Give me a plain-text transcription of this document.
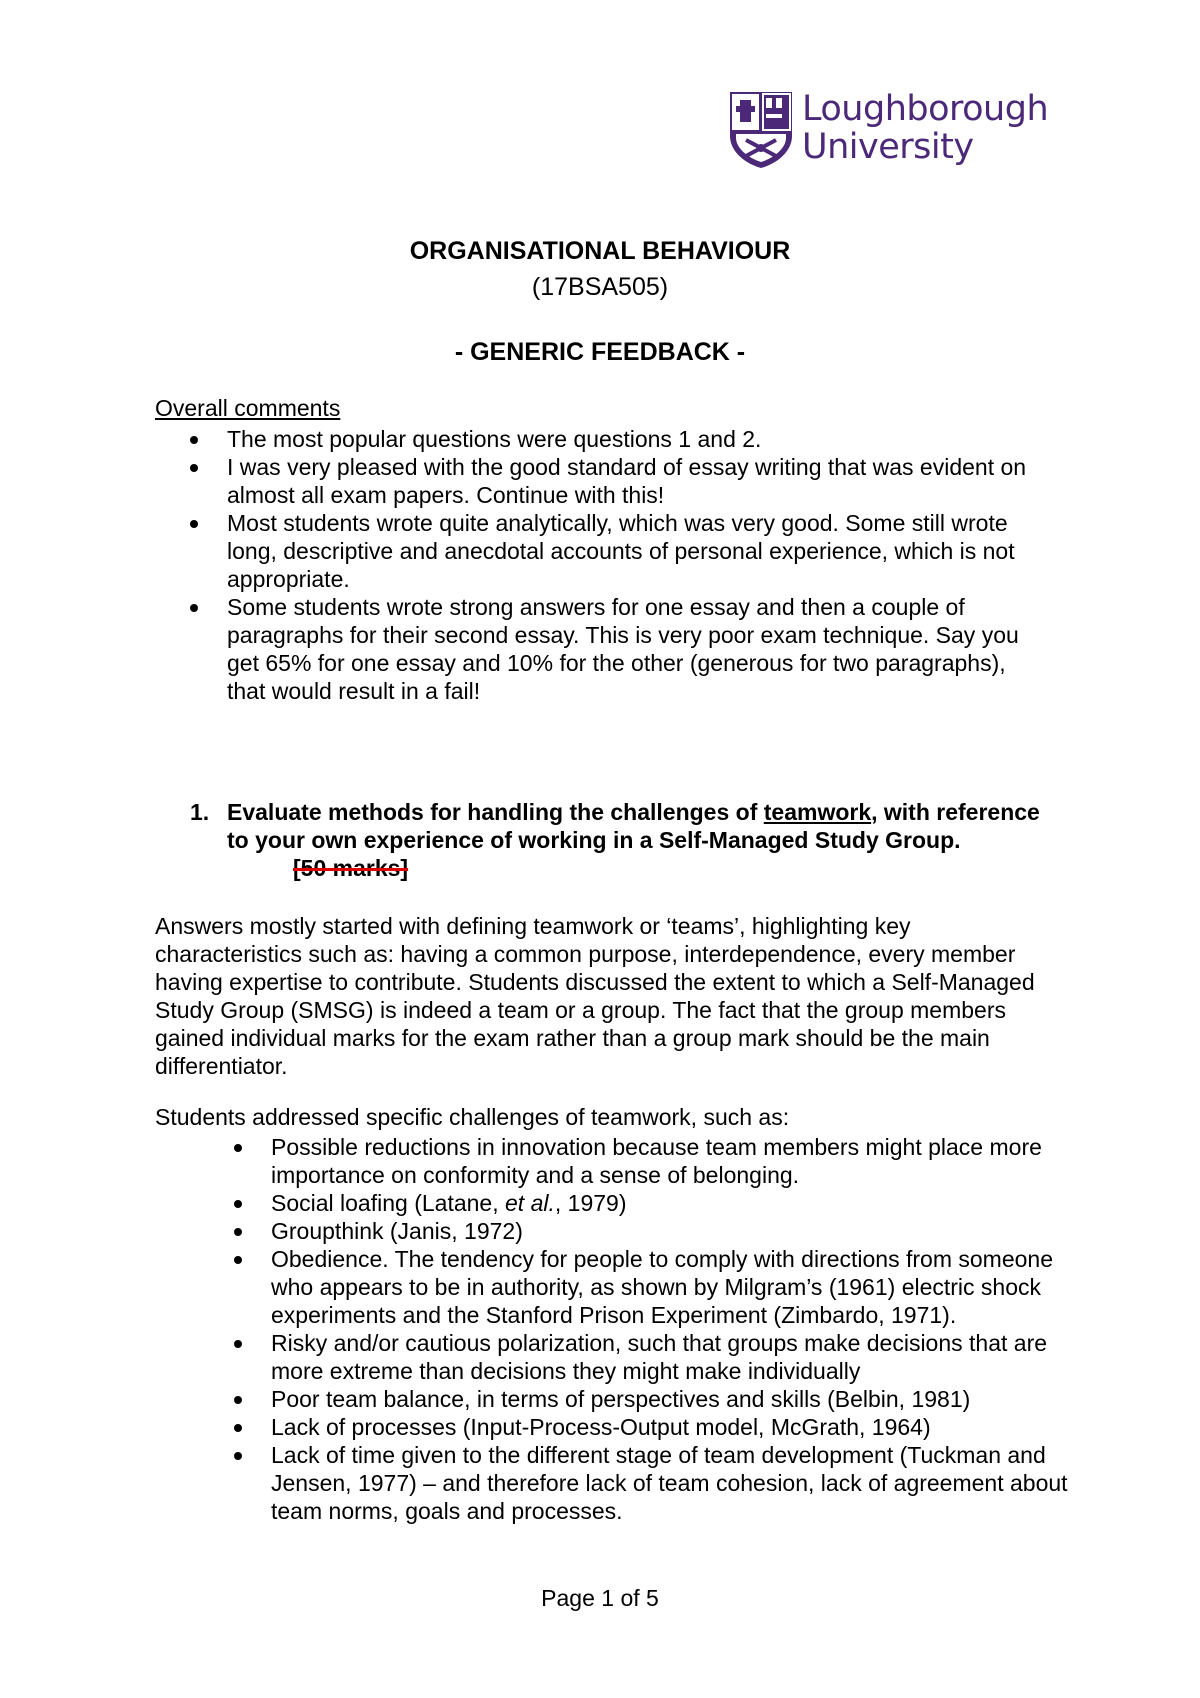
Loughborough
University
ORGANISATIONAL BEHAVIOUR
(17BSA505)
- GENERIC FEEDBACK -
Overall comments
The most popular questions were questions 1 and 2.
I was very pleased with the good standard of essay writing that was evident on almost all exam papers. Continue with this!
Most students wrote quite analytically, which was very good. Some still wrote long, descriptive and anecdotal accounts of personal experience, which is not appropriate.
Some students wrote strong answers for one essay and then a couple of paragraphs for their second essay. This is very poor exam technique. Say you get 65% for one essay and 10% for the other (generous for two paragraphs), that would result in a fail!
1. Evaluate methods for handling the challenges of teamwork, with reference to your own experience of working in a Self-Managed Study Group.[50 marks]
Answers mostly started with defining teamwork or ‘teams’, highlighting key characteristics such as: having a common purpose, interdependence, every member having expertise to contribute. Students discussed the extent to which a Self-Managed Study Group (SMSG) is indeed a team or a group. The fact that the group members gained individual marks for the exam rather than a group mark should be the main differentiator.
Students addressed specific challenges of teamwork, such as:
Possible reductions in innovation because team members might place more importance on conformity and a sense of belonging.
Social loafing (Latane, et al., 1979)
Groupthink (Janis, 1972)
Obedience. The tendency for people to comply with directions from someone who appears to be in authority, as shown by Milgram’s (1961) electric shock experiments and the Stanford Prison Experiment (Zimbardo, 1971).
Risky and/or cautious polarization, such that groups make decisions that are more extreme than decisions they might make individually
Poor team balance, in terms of perspectives and skills (Belbin, 1981)
Lack of processes (Input-Process-Output model, McGrath, 1964)
Lack of time given to the different stage of team development (Tuckman and Jensen, 1977) – and therefore lack of team cohesion, lack of agreement about team norms, goals and processes.
Page 1 of 5
